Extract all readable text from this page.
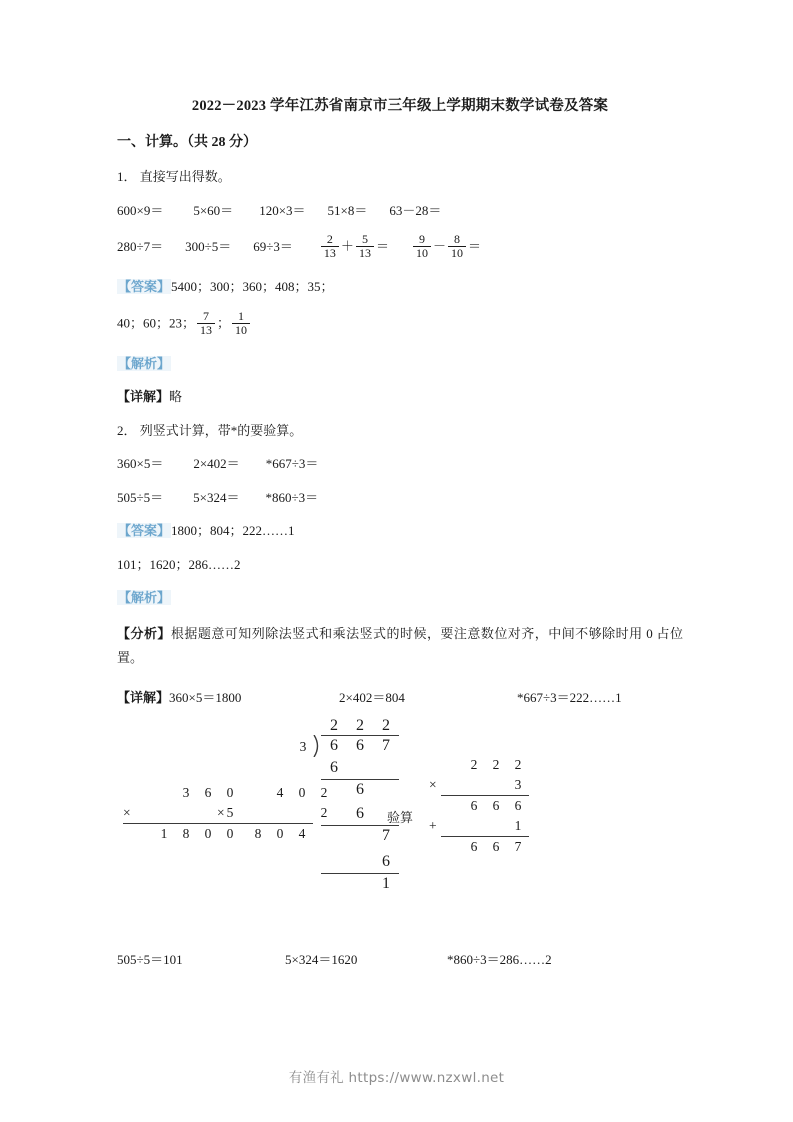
2022－2023 学年江苏省南京市三年级上学期期末数学试卷及答案
一、计算。（共 28 分）
1． 直接写出得数。
600×9＝ 5×60＝ 120×3＝ 51×8＝ 63－28＝
$280\div 7= 300\div 5= 69\div 3= \frac{2}{13} + \frac{5}{13} = \frac{9}{10} - \frac{8}{10}$ ＝
【答案】5400；300；360；408；35；
40；60；23； $\frac{7}{13}$ ； $\frac{1}{10}$
【解析】
【详解】略
2． 列竖式计算，带*的要验算。
360×5＝ 2×402＝ *667÷3＝
505÷5＝ 5×324＝ *860÷3＝
【答案】1800；804；222……1
101；1620；286……2
【解析】
【分析】根据题意可知列除法竖式和乘法竖式的时候，要注意数位对齐，中间不够除时用 0 占位置。
【详解】360×5＝1800	2×402＝804	*667÷3＝222……1
3	6	0
×	5
1	8	0	0
4	0	2
×	2
8	0	4
3
2 2 2
6 6 7
6
6
6
7
6
1
验算
2	2	2
×	3
6	6	6
+	1
6	6	7
505÷5＝101	5×324＝1620	*860÷3＝286……2
有渔有礼 https://www.nzxwl.net
